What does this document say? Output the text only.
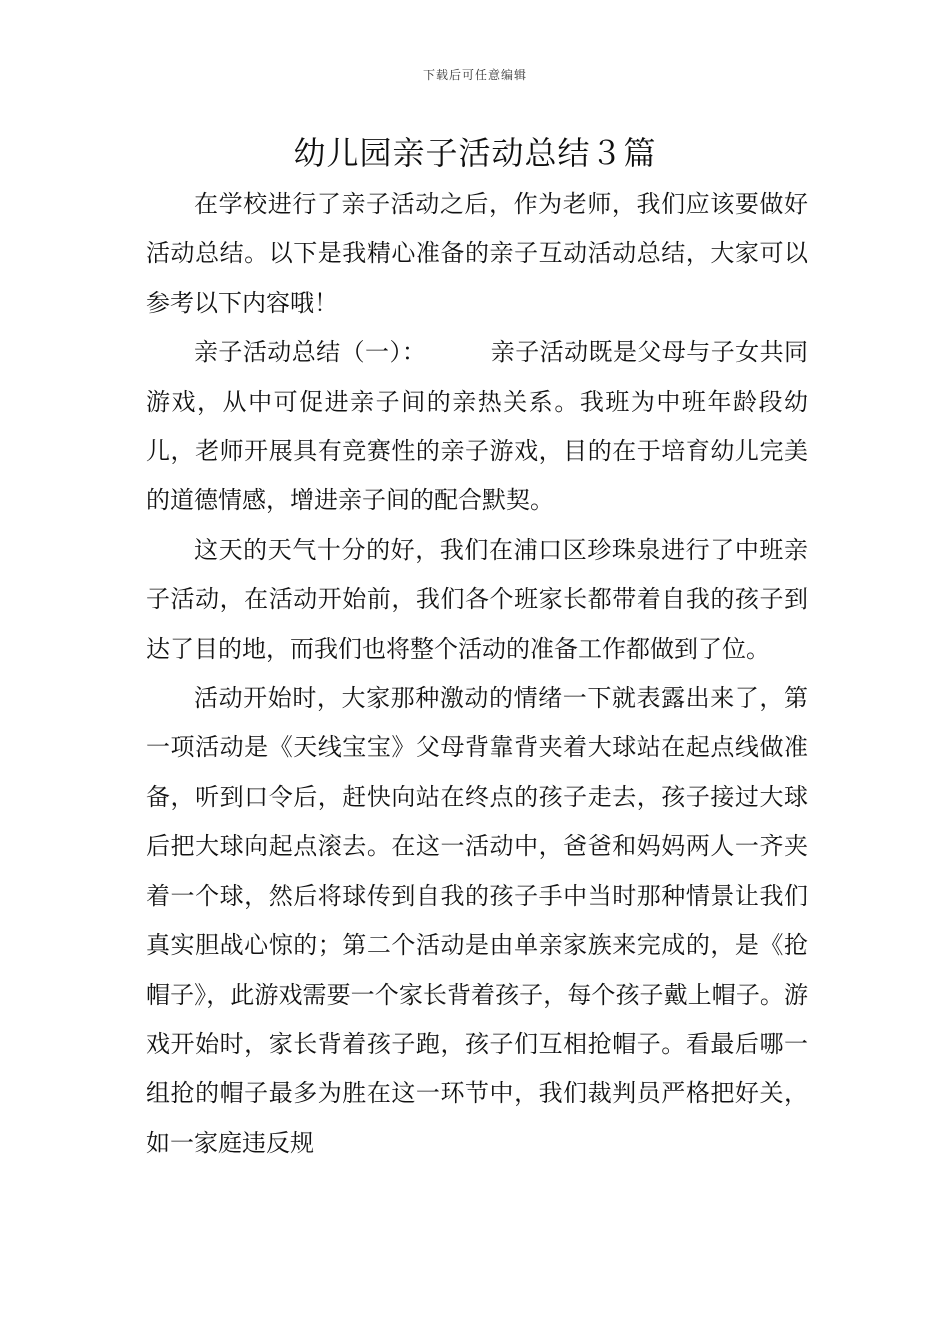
下载后可任意编辑
幼儿园亲子活动总结３篇

在学校进行了亲子活动之后，作为老师，我们应该要做好活动总结。以下是我精心准备的亲子互动活动总结，大家可以参考以下内容哦！

亲子活动总结（一）：	亲子活动既是父母与子女共同游戏，从中可促进亲子间的亲热关系。我班为中班年龄段幼儿，老师开展具有竞赛性的亲子游戏，目的在于培育幼儿完美的道德情感，增进亲子间的配合默契。

这天的天气十分的好，我们在浦口区珍珠泉进行了中班亲子活动，在活动开始前，我们各个班家长都带着自我的孩子到达了目的地，而我们也将整个活动的准备工作都做到了位。

活动开始时，大家那种激动的情绪一下就表露出来了，第一项活动是《天线宝宝》父母背靠背夹着大球站在起点线做准备，听到口令后，赶快向站在终点的孩子走去，孩子接过大球后把大球向起点滚去。在这一活动中，爸爸和妈妈两人一齐夹着一个球，然后将球传到自我的孩子手中当时那种情景让我们真实胆战心惊的；第二个活动是由单亲家族来完成的，是《抢帽子》，此游戏需要一个家长背着孩子，每个孩子戴上帽子。游戏开始时，家长背着孩子跑，孩子们互相抢帽子。看最后哪一组抢的帽子最多为胜在这一环节中，我们裁判员严格把好关，如一家庭违反规
